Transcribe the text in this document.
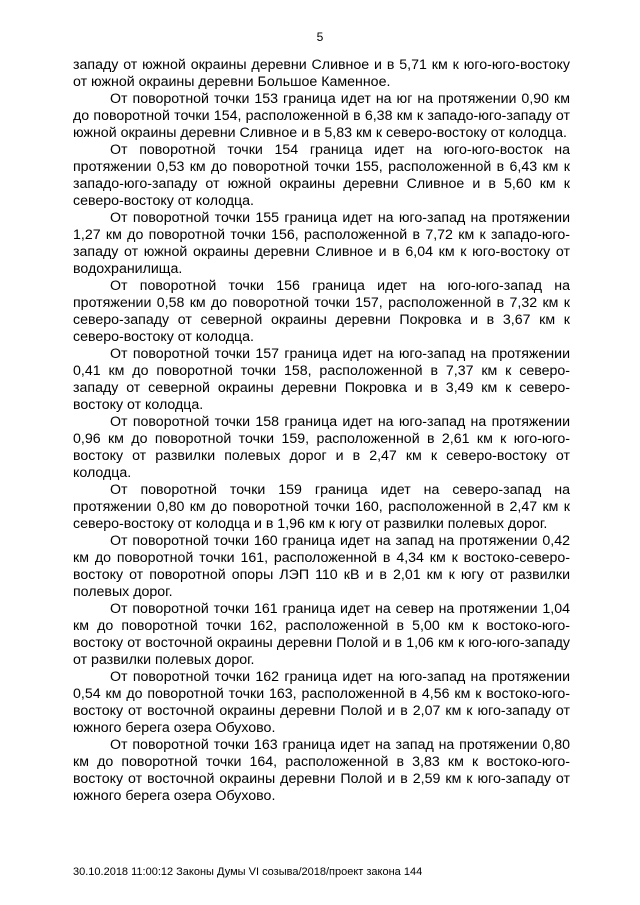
5

западу от южной окраины деревни Сливное и в 5,71 км к юго-юго-востоку от южной окраины деревни Большое Каменное.

От поворотной точки 153 граница идет на юг на протяжении 0,90 км до поворотной точки 154, расположенной в 6,38 км к западо-юго-западу от южной окраины деревни Сливное и в 5,83 км к северо-востоку от колодца.

От поворотной точки 154 граница идет на юго-юго-восток на протяжении 0,53 км до поворотной точки 155, расположенной в 6,43 км к западо-юго-западу от южной окраины деревни Сливное и в 5,60 км к северо-востоку от колодца.

От поворотной точки 155 граница идет на юго-запад на протяжении 1,27 км до поворотной точки 156, расположенной в 7,72 км к западо-юго-западу от южной окраины деревни Сливное и в 6,04 км к юго-востоку от водохранилища.

От поворотной точки 156 граница идет на юго-юго-запад на протяжении 0,58 км до поворотной точки 157, расположенной в 7,32 км к северо-западу от северной окраины деревни Покровка и в 3,67 км к северо-востоку от колодца.

От поворотной точки 157 граница идет на юго-запад на протяжении 0,41 км до поворотной точки 158, расположенной в 7,37 км к северо-западу от северной окраины деревни Покровка и в 3,49 км к северо-востоку от колодца.

От поворотной точки 158 граница идет на юго-запад на протяжении 0,96 км до поворотной точки 159, расположенной в 2,61 км к юго-юго-востоку от развилки полевых дорог и в 2,47 км к северо-востоку от колодца.

От поворотной точки 159 граница идет на северо-запад на протяжении 0,80 км до поворотной точки 160, расположенной в 2,47 км к северо-востоку от колодца и в 1,96 км к югу от развилки полевых дорог.

От поворотной точки 160 граница идет на запад на протяжении 0,42 км до поворотной точки 161, расположенной в 4,34 км к востоко-северо-востоку от поворотной опоры ЛЭП 110 кВ и в 2,01 км к югу от развилки полевых дорог.

От поворотной точки 161 граница идет на север на протяжении 1,04 км до поворотной точки 162, расположенной в 5,00 км к востоко-юго-востоку от восточной окраины деревни Полой и в 1,06 км к юго-юго-западу от развилки полевых дорог.

От поворотной точки 162 граница идет на юго-запад на протяжении 0,54 км до поворотной точки 163, расположенной в 4,56 км к востоко-юго-востоку от восточной окраины деревни Полой и в 2,07 км к юго-западу от южного берега озера Обухово.

От поворотной точки 163 граница идет на запад на протяжении 0,80 км до поворотной точки 164, расположенной в 3,83 км к востоко-юго-востоку от восточной окраины деревни Полой и в 2,59 км к юго-западу от южного берега озера Обухово.

30.10.2018 11:00:12 Законы Думы VI созыва/2018/проект закона 144
